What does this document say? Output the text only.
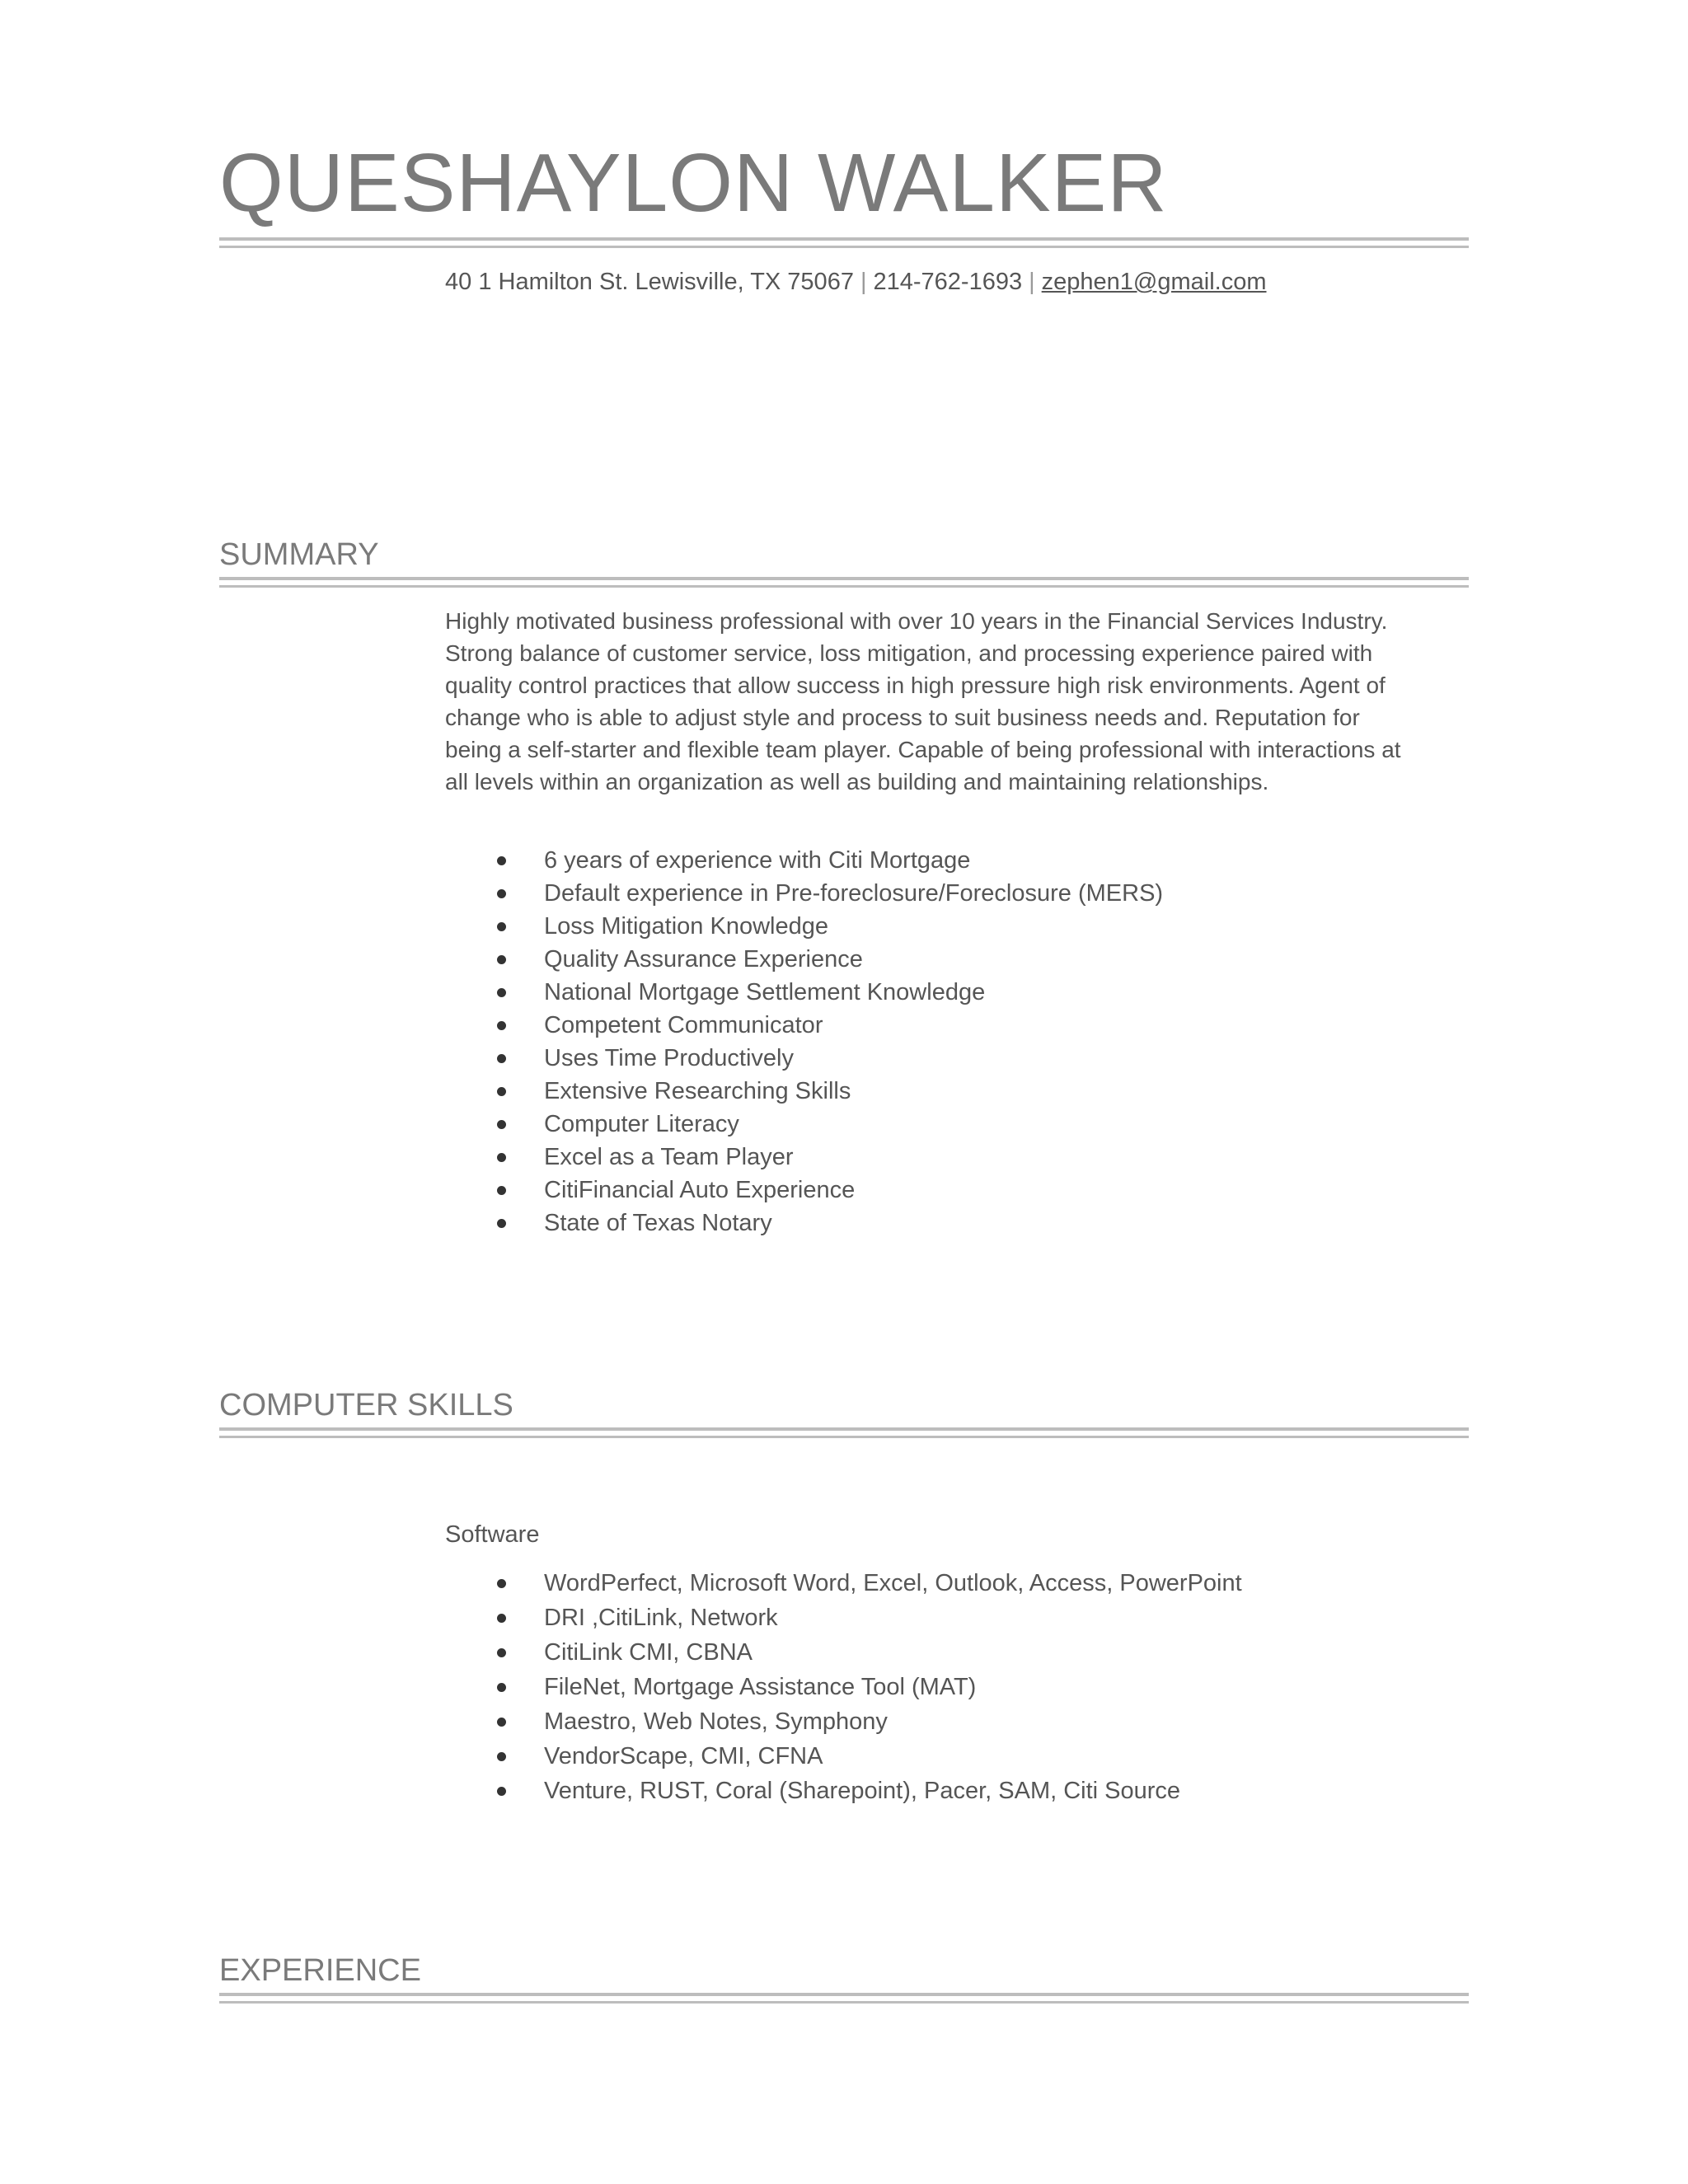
QUESHAYLON WALKER
40 1 Hamilton St. Lewisville, TX 75067 | 214-762-1693 | zephen1@gmail.com
SUMMARY
Highly motivated business professional with over 10 years in the Financial Services Industry. Strong balance of customer service, loss mitigation, and processing experience paired with quality control practices that allow success in high pressure high risk environments. Agent of change who is able to adjust style and process to suit business needs and. Reputation for being a self-starter and flexible team player. Capable of being professional with interactions at all levels within an organization as well as building and maintaining relationships.
6 years of experience with Citi Mortgage
Default experience in Pre-foreclosure/Foreclosure (MERS)
Loss Mitigation Knowledge
Quality Assurance Experience
National Mortgage Settlement Knowledge
Competent Communicator
Uses Time Productively
Extensive Researching Skills
Computer Literacy
Excel as a Team Player
CitiFinancial Auto Experience
State of Texas Notary
COMPUTER SKILLS
Software
WordPerfect, Microsoft Word, Excel, Outlook, Access, PowerPoint
DRI ,CitiLink, Network
CitiLink CMI, CBNA
FileNet, Mortgage Assistance Tool (MAT)
Maestro, Web Notes, Symphony
VendorScape, CMI, CFNA
Venture, RUST, Coral (Sharepoint), Pacer, SAM, Citi Source
EXPERIENCE
